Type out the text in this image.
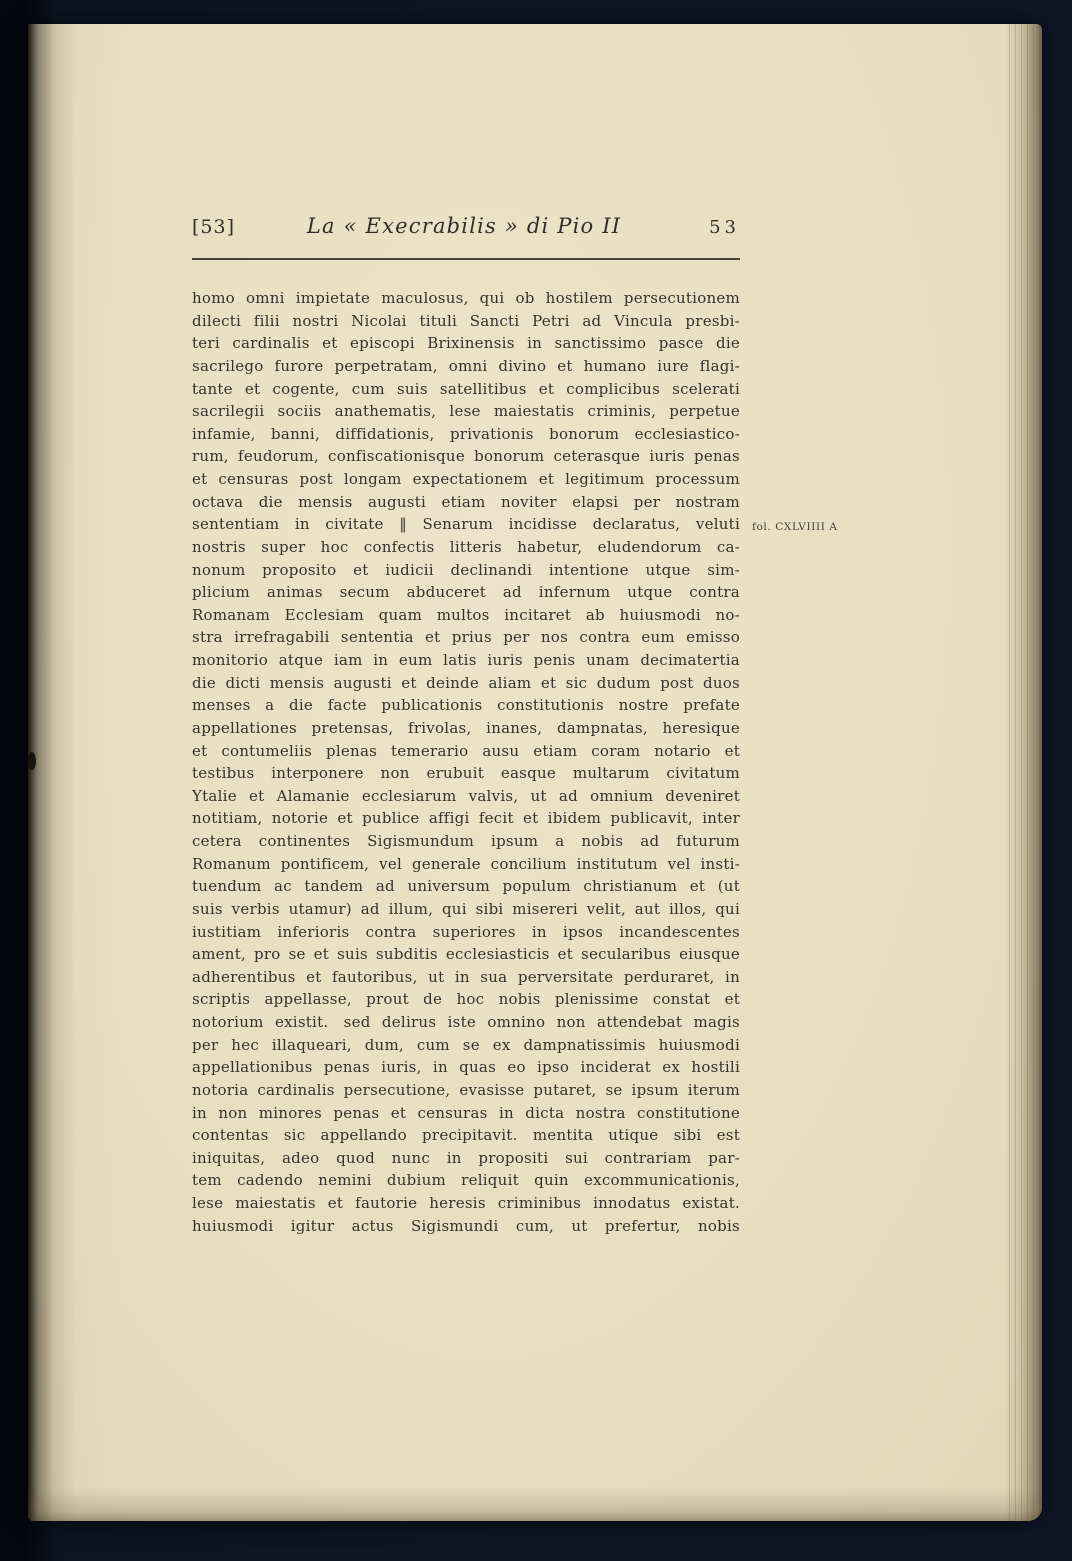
[53]	La « Execrabilis » di Pio II	53
homo omni impietate maculosus, qui ob hostilem persecutionem
dilecti filii nostri Nicolai tituli Sancti Petri ad Vincula presbi-
teri cardinalis et episcopi Brixinensis in sanctissimo pasce die
sacrilego furore perpetratam, omni divino et humano iure flagi-
tante et cogente, cum suis satellitibus et complicibus scelerati
sacrilegii sociis anathematis, lese maiestatis criminis, perpetue
infamie, banni, diffidationis, privationis bonorum ecclesiastico-
rum, feudorum, confiscationisque bonorum ceterasque iuris penas
et censuras post longam expectationem et legitimum processum
octava die mensis augusti etiam noviter elapsi per nostram
sententiam in civitate ‖ Senarum incidisse declaratus, veluti
nostris super hoc confectis litteris habetur, eludendorum ca-
nonum proposito et iudicii declinandi intentione utque sim-
plicium animas secum abduceret ad infernum utque contra
Romanam Ecclesiam quam multos incitaret ab huiusmodi no-
stra irrefragabili sententia et prius per nos contra eum emisso
monitorio atque iam in eum latis iuris penis unam decimatertia
die dicti mensis augusti et deinde aliam et sic dudum post duos
menses a die facte publicationis constitutionis nostre prefate
appellationes pretensas, frivolas, inanes, dampnatas, heresique
et contumeliis plenas temerario ausu etiam coram notario et
testibus interponere non erubuit easque multarum civitatum
Ytalie et Alamanie ecclesiarum valvis, ut ad omnium deveniret
notitiam, notorie et publice affigi fecit et ibidem publicavit, inter
cetera continentes Sigismundum ipsum a nobis ad futurum
Romanum pontificem, vel generale concilium institutum vel insti-
tuendum ac tandem ad universum populum christianum et (ut
suis verbis utamur) ad illum, qui sibi misereri velit, aut illos, qui
iustitiam inferioris contra superiores in ipsos incandescentes
ament, pro se et suis subditis ecclesiasticis et secularibus eiusque
adherentibus et fautoribus, ut in sua perversitate perduraret, in
scriptis appellasse, prout de hoc nobis plenissime constat et
notorium existit. sed delirus iste omnino non attendebat magis
per hec illaqueari, dum, cum se ex dampnatissimis huiusmodi
appellationibus penas iuris, in quas eo ipso inciderat ex hostili
notoria cardinalis persecutione, evasisse putaret, se ipsum iterum
in non minores penas et censuras in dicta nostra constitutione
contentas sic appellando precipitavit. mentita utique sibi est
iniquitas, adeo quod nunc in propositi sui contrariam par-
tem cadendo nemini dubium reliquit quin excommunicationis,
lese maiestatis et fautorie heresis criminibus innodatus existat.
huiusmodi igitur actus Sigismundi cum, ut prefertur, nobis
fol. CXLVIIII A
